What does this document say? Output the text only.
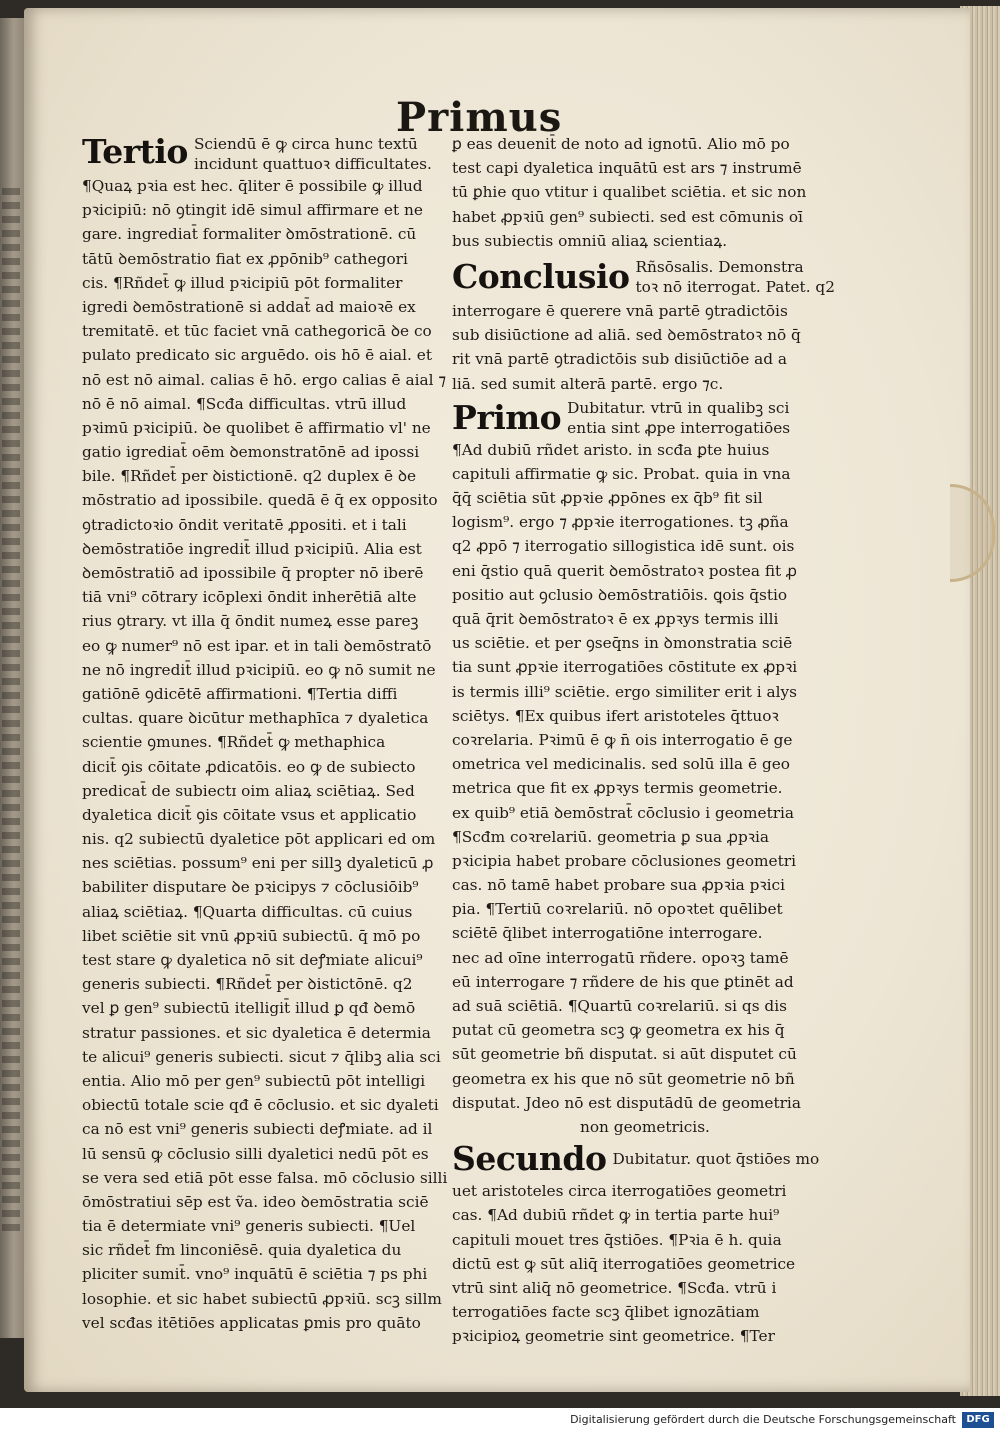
Primus
Tertio Sciendū ē ꝙ circa hunc textū
incidunt quattuoꝛ difficultates.
¶Quaꝝ pꝛia est hec. q̄liter ē possibile ꝙ illud
pꝛicipiū: nō ꝯtingit idē simul affirmare et ne
gare. ingrediat̄ formaliter ꝺmōstrationē. cū
tātū ꝺemōstratio fiat ex ꝓpōnib⁹ cathegori
cis. ¶Rñdet̄ ꝙ illud pꝛicipiū pōt formaliter
igredi ꝺemōstrationē si addat̄ ad maioꝛē ex
tremitatē. et tūc faciet vnā cathegoricā ꝺe co
pulato predicato sic arguēdo. ois hō ē aial. et
nō est nō aimal. calias ē hō. ergo calias ē aial ⁊
nō ē nō aimal. ¶Scđa difficultas. vtrū illud
pꝛimū pꝛicipiū. ꝺe quolibet ē affirmatio vl' ne
gatio igrediat̄ oēm ꝺemonstratōnē ad ipossi
bile. ¶Rñdet̄ per ꝺistictionē. q2 duplex ē ꝺe
mōstratio ad ipossibile. quedā ē q̄ ex opposito
ꝯtradictoꝛio ōndit veritatē ꝓpositi. et i tali
ꝺemōstratiōe ingredit̄ illud pꝛicipiū. Alia est
ꝺemōstratiō ad ipossibile q̄ propter nō iberē
tiā vni⁹ cōtrary icōplexi ōndit inherētiā alte
rius ꝯtrary. vt illa q̄ ōndit numeꝝ esse pareꝫ
eo ꝙ numer⁹ nō est ipar. et in tali ꝺemōstratō
ne nō ingredit̄ illud pꝛicipiū. eo ꝙ nō sumit ne
gatiōnē ꝯdicētē affirmationi. ¶Tertia diffi
cultas. quare ꝺicūtur methaphīca ⁊ dyaletica
scientie ꝯmunes. ¶Rñdet̄ ꝙ methaphica
dicit̄ ꝯis cōitate ꝓdicatōis. eo ꝙ de subiecto
predicat̄ de subiectɪ oim aliaꝝ sciētiaꝝ. Sed
dyaletica dicit̄ ꝯis cōitate vsus et applicatio
nis. q2 subiectū dyaletice pōt applicari ed om
nes sciētias. possum⁹ eni per sillꝫ dyaleticū ꝓ
babiliter disputare ꝺe pꝛicipys ⁊ cōclusiōib⁹
aliaꝝ sciētiaꝝ. ¶Quarta difficultas. cū cuius
libet sciētie sit vnū ꝓpꝛiū subiectū. q̄ mō po
test stare ꝙ dyaletica nō sit deꝭmiate alicui⁹
generis subiecti. ¶Rñdet̄ per ꝺistictōnē. q2
vel ꝑ gen⁹ subiectū itelligit̄ illud ꝑ qđ ꝺemō
stratur passiones. et sic dyaletica ē determia
te alicui⁹ generis subiecti. sicut ⁊ q̄libꝫ alia sci
entia. Alio mō per gen⁹ subiectū pōt intelligi
obiectū totale scie qđ ē cōclusio. et sic dyaleti
ca nō est vni⁹ generis subiecti deꝭmiate. ad il
lū sensū ꝙ cōclusio silli dyaletici nedū pōt es
se vera sed etiā pōt esse falsa. mō cōclusio silli
ōmōstratiui sēp est ṽa. ideo ꝺemōstratia sciē
tia ē determiate vni⁹ generis subiecti. ¶Uel
sic rñdet̄ fm linconiēsē. quia dyaletica du
pliciter sumit̄. vno⁹ inquātū ē sciētia ⁊ ps phi
losophie. et sic habet subiectū ꝓpꝛiū. scꝫ sillm
vel scđas itētiōes applicatas ꝑmis pro quāto
ꝑ eas deuenit̄ de noto ad ignotū. Alio mō po
test capi dyaletica inquātū est ars ⁊ instrumē
tū ꝑhie quo vtitur i qualibet sciētia. et sic non
habet ꝓpꝛiū gen⁹ subiecti. sed est cōmunis oī
bus subiectis omniū aliaꝝ scientiaꝝ.
Conclusio Rñsōsalis. Demonstra
toꝛ nō iterrogat. Patet. q2
interrogare ē querere vnā partē ꝯtradictōis
sub disiūctione ad aliā. sed ꝺemōstratoꝛ nō q̄
rit vnā partē ꝯtradictōis sub disiūctiōe ad a
liā. sed sumit alterā partē. ergo ⁊c.
Primo Dubitatur. vtrū in qualibꝫ sci
entia sint ꝓpe interrogatiōes
¶Ad dubiū rñdet aristo. in scđa ꝑte huius
capituli affirmatie ꝙ sic. Probat. quia in vna
q̄q̄ sciētia sūt ꝓpꝛie ꝓpōnes ex q̄b⁹ fit sil
logism⁹. ergo ⁊ ꝓpꝛie iterrogationes. tꝫ ꝓña
q2 ꝓpō ⁊ iterrogatio sillogistica idē sunt. ois
eni q̄stio quā querit ꝺemōstratoꝛ postea fit ꝓ
positio aut ꝯclusio ꝺemōstratiōis. ꝗois q̄stio
quā q̄rit ꝺemōstratoꝛ ē ex ꝓpꝛys termis illi
us sciētie. et per ꝯseq̄ns in ꝺmonstratia sciē
tia sunt ꝓpꝛie iterrogatiōes cōstitute ex ꝓpꝛi
is termis illi⁹ sciētie. ergo similiter erit i alys
sciētys. ¶Ex quibus ifert aristoteles q̄ttuoꝛ
coꝛrelaria. Pꝛimū ē ꝙ n̄ ois interrogatio ē ge
ometrica vel medicinalis. sed solū illa ē geo
metrica que fit ex ꝓpꝛys termis geometrie.
ex quib⁹ etiā ꝺemōstrat̄ cōclusio i geometria
¶Scđm coꝛrelariū. geometria ꝑ sua ꝓpꝛia
pꝛicipia habet probare cōclusiones geometri
cas. nō tamē habet probare sua ꝓpꝛia pꝛici
pia. ¶Tertiū coꝛrelariū. nō opoꝛtet quēlibet
sciētē q̄libet interrogatiōne interrogare.
nec ad oīne interrogatū rñdere. opoꝛꝫ tamē
eū interrogare ⁊ rñdere de his que ꝑtinēt ad
ad suā sciētiā. ¶Quartū coꝛrelariū. si qs dis
putat cū geometra scꝫ ꝙ geometra ex his q̄
sūt geometrie bñ disputat. si aūt disputet cū
geometra ex his que nō sūt geometrie nō bñ
disputat. Jdeo nō est disputādū de geometria
non geometricis.
Secundo Dubitatur. quot q̄stiōes mo
uet aristoteles circa iterrogatiōes geometri
cas. ¶Ad dubiū rñdet ꝙ in tertia parte hui⁹
capituli mouet tres q̄stiōes. ¶Pꝛia ē h. quia
dictū est ꝙ sūt aliq̄ iterrogatiōes geometrice
vtrū sint aliq̄ nō geometrice. ¶Scđa. vtrū i
terrogatiōes facte scꝫ q̄libet ignozātiam
pꝛicipioꝝ geometrie sint geometrice. ¶Ter
Digitalisierung gefördert durch die Deutsche Forschungsgemeinschaft	DFG
